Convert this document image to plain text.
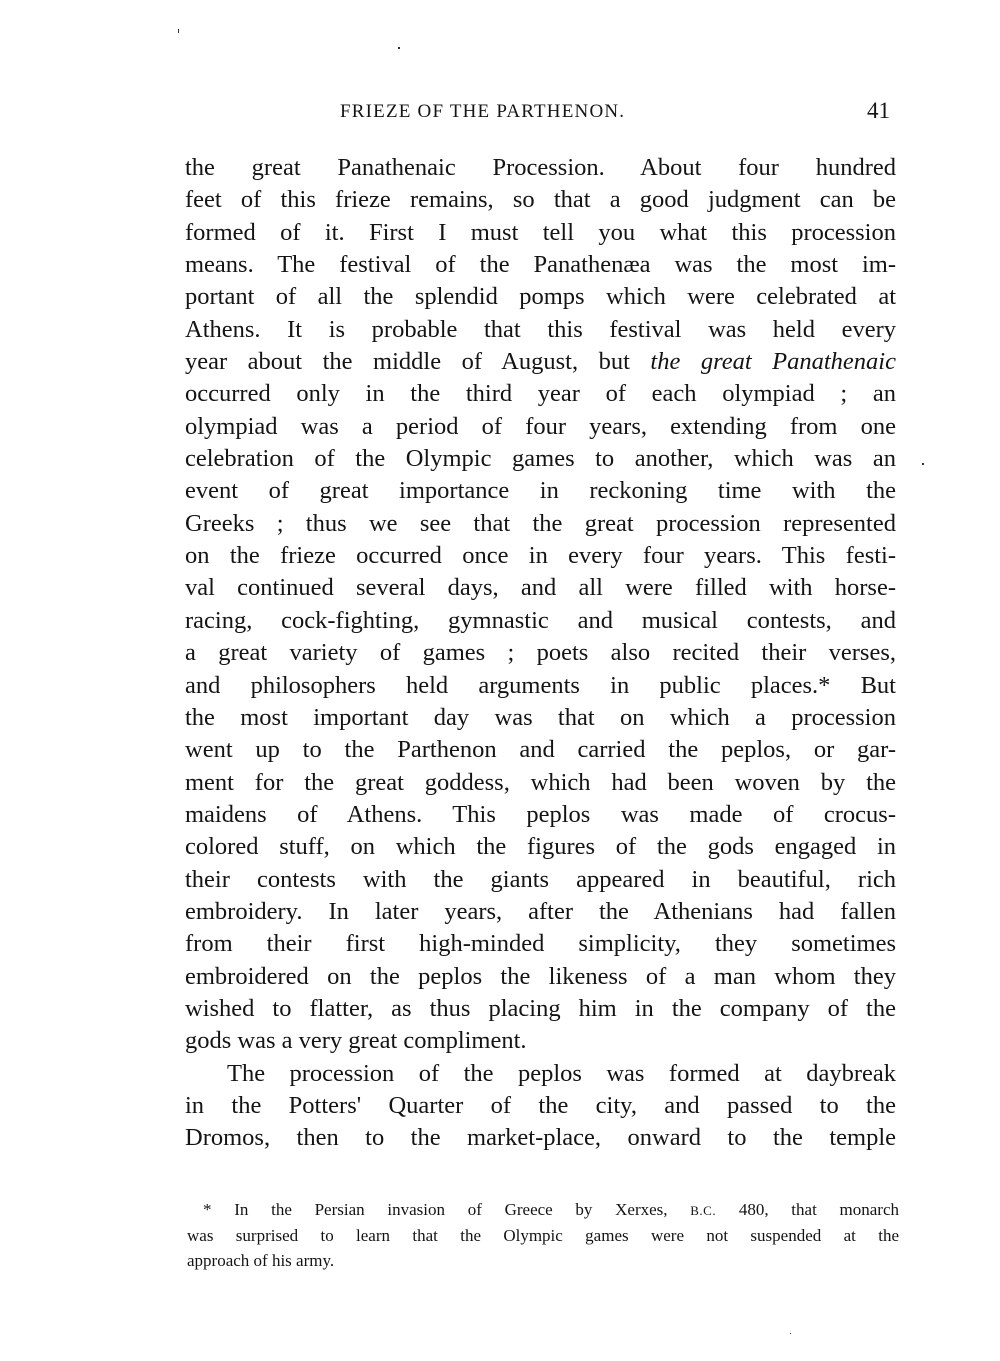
FRIEZE OF THE PARTHENON.	41
the great Panathenaic Procession. About four hundred
feet of this frieze remains, so that a good judgment can be
formed of it. First I must tell you what this procession
means. The festival of the Panathenæa was the most im-
portant of all the splendid pomps which were celebrated at
Athens. It is probable that this festival was held every
year about the middle of August, but the great Panathenaic
occurred only in the third year of each olympiad ; an
olympiad was a period of four years, extending from one
celebration of the Olympic games to another, which was an
event of great importance in reckoning time with the
Greeks ; thus we see that the great procession represented
on the frieze occurred once in every four years. This festi-
val continued several days, and all were filled with horse-
racing, cock-fighting, gymnastic and musical contests, and
a great variety of games ; poets also recited their verses,
and philosophers held arguments in public places.* But
the most important day was that on which a procession
went up to the Parthenon and carried the peplos, or gar-
ment for the great goddess, which had been woven by the
maidens of Athens. This peplos was made of crocus-
colored stuff, on which the figures of the gods engaged in
their contests with the giants appeared in beautiful, rich
embroidery. In later years, after the Athenians had fallen
from their first high-minded simplicity, they sometimes
embroidered on the peplos the likeness of a man whom they
wished to flatter, as thus placing him in the company of the
gods was a very great compliment.
The procession of the peplos was formed at daybreak
in the Potters' Quarter of the city, and passed to the
Dromos, then to the market-place, onward to the temple
* In the Persian invasion of Greece by Xerxes, B.C. 480, that monarch
was surprised to learn that the Olympic games were not suspended at the
approach of his army.
